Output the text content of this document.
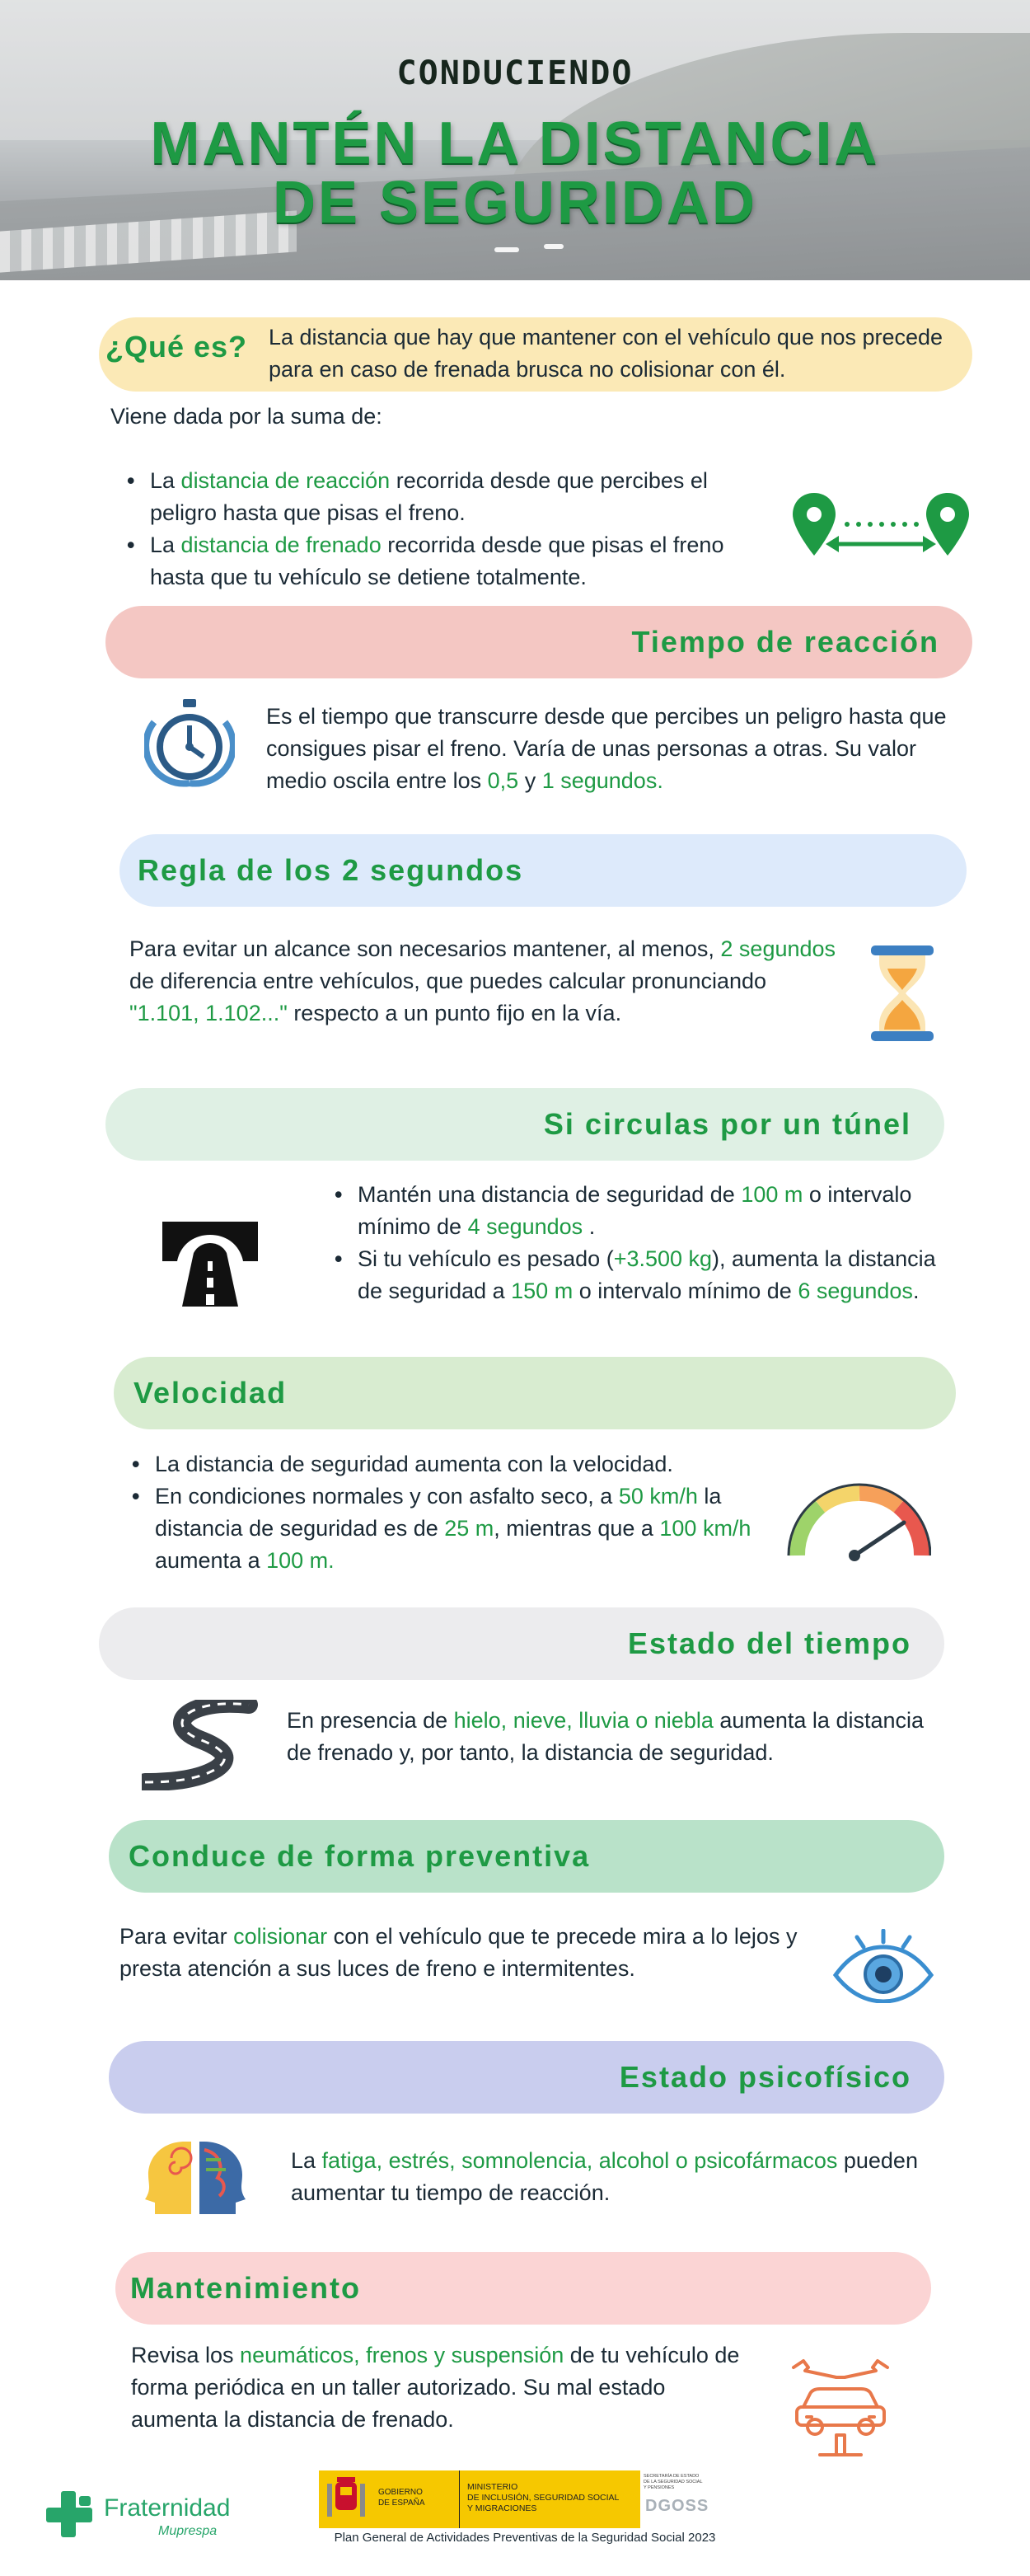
CONDUCIENDO
MANTÉN LA DISTANCIA
DE SEGURIDAD
¿Qué es? La distancia que hay que mantener con el vehículo que nos precede para en caso de frenada brusca no colisionar con él.
Viene dada por la suma de:
• La distancia de reacción recorrida desde que percibes el peligro hasta que pisas el freno.
• La distancia de frenado recorrida desde que pisas el freno hasta que tu vehículo se detiene totalmente.
Tiempo de reacción
Es el tiempo que transcurre desde que percibes un peligro hasta que consigues pisar el freno. Varía de unas personas a otras. Su valor medio oscila entre los 0,5 y 1 segundos.
Regla de los 2 segundos
Para evitar un alcance son necesarios mantener, al menos, 2 segundos de diferencia entre vehículos, que puedes calcular pronunciando "1.101, 1.102..." respecto a un punto fijo en la vía.
Si circulas por un túnel
• Mantén una distancia de seguridad de 100 m o intervalo mínimo de 4 segundos .
• Si tu vehículo es pesado (+3.500 kg), aumenta la distancia de seguridad a 150 m o intervalo mínimo de 6 segundos.
Velocidad
• La distancia de seguridad aumenta con la velocidad.
• En condiciones normales y con asfalto seco, a 50 km/h la distancia de seguridad es de 25 m, mientras que a 100 km/h aumenta a 100 m.
Estado del tiempo
En presencia de hielo, nieve, lluvia o niebla aumenta la distancia de frenado y, por tanto, la distancia de seguridad.
Conduce de forma preventiva
Para evitar colisionar con el vehículo que te precede mira a lo lejos y presta atención a sus luces de freno e intermitentes.
Estado psicofísico
La fatiga, estrés, somnolencia, alcohol o psicofármacos pueden aumentar tu tiempo de reacción.
Mantenimiento
Revisa los neumáticos, frenos y suspensión de tu vehículo de forma periódica en un taller autorizado. Su mal estado aumenta la distancia de frenado.
Fraternidad
Muprespa
GOBIERNO
DE ESPAÑA
MINISTERIO
DE INCLUSIÓN, SEGURIDAD SOCIAL
Y MIGRACIONES
SECRETARÍA DE ESTADO
DE LA SEGURIDAD SOCIAL
Y PENSIONES
DGOSS
Plan General de Actividades Preventivas de la Seguridad Social 2023
